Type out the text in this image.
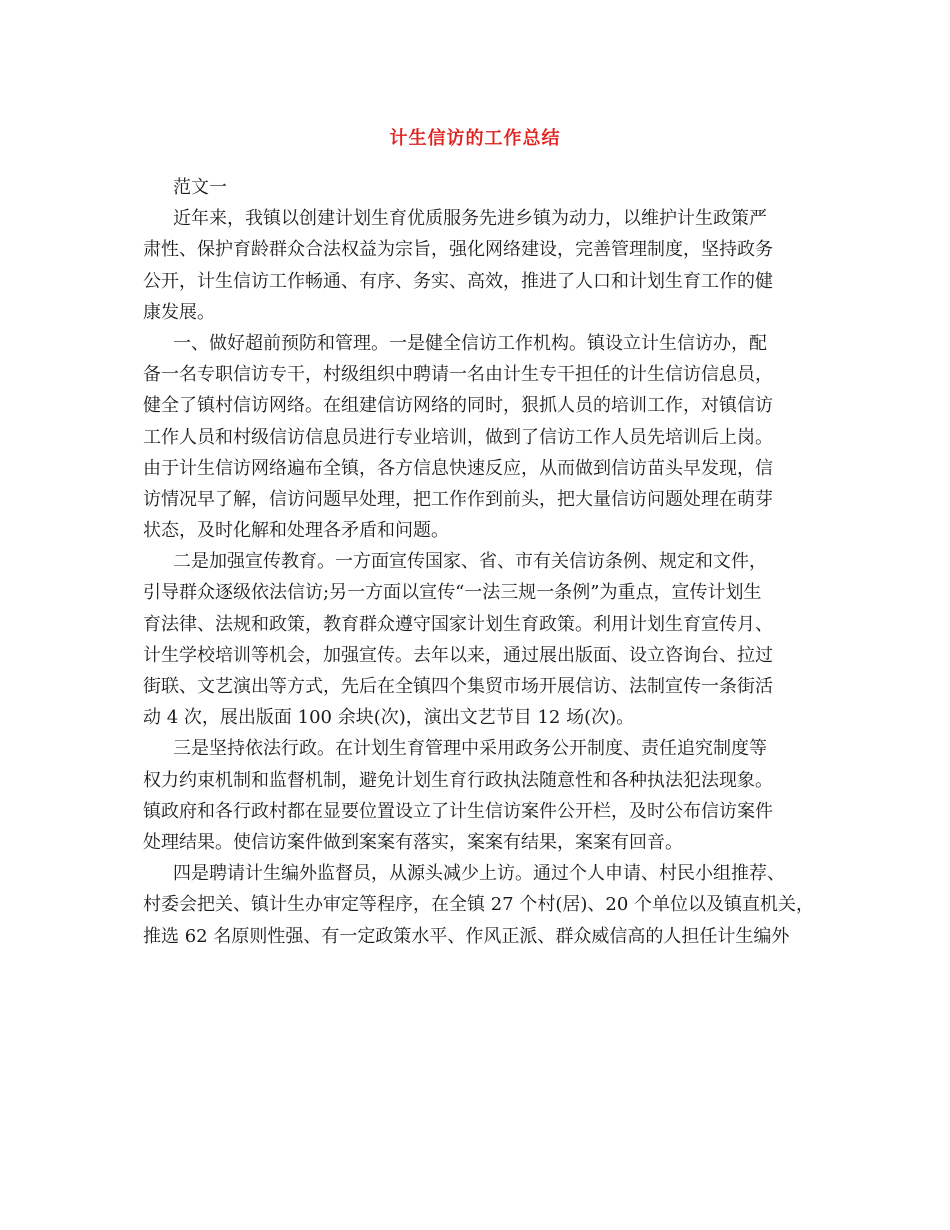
计生信访的工作总结
范文一
近年来，我镇以创建计划生育优质服务先进乡镇为动力，以维护计生政策严
肃性、保护育龄群众合法权益为宗旨，强化网络建设，完善管理制度，坚持政务
公开，计生信访工作畅通、有序、务实、高效，推进了人口和计划生育工作的健
康发展。
一、做好超前预防和管理。一是健全信访工作机构。镇设立计生信访办，配
备一名专职信访专干，村级组织中聘请一名由计生专干担任的计生信访信息员，
健全了镇村信访网络。在组建信访网络的同时，狠抓人员的培训工作，对镇信访
工作人员和村级信访信息员进行专业培训，做到了信访工作人员先培训后上岗。
由于计生信访网络遍布全镇，各方信息快速反应，从而做到信访苗头早发现，信
访情况早了解，信访问题早处理，把工作作到前头，把大量信访问题处理在萌芽
状态，及时化解和处理各矛盾和问题。
二是加强宣传教育。一方面宣传国家、省、市有关信访条例、规定和文件，
引导群众逐级依法信访;另一方面以宣传“一法三规一条例”为重点，宣传计划生
育法律、法规和政策，教育群众遵守国家计划生育政策。利用计划生育宣传月、
计生学校培训等机会，加强宣传。去年以来，通过展出版面、设立咨询台、拉过
街联、文艺演出等方式，先后在全镇四个集贸市场开展信访、法制宣传一条街活
动 4 次，展出版面 100 余块(次)，演出文艺节目 12 场(次)。
三是坚持依法行政。在计划生育管理中采用政务公开制度、责任追究制度等
权力约束机制和监督机制，避免计划生育行政执法随意性和各种执法犯法现象。
镇政府和各行政村都在显要位置设立了计生信访案件公开栏，及时公布信访案件
处理结果。使信访案件做到案案有落实，案案有结果，案案有回音。
四是聘请计生编外监督员，从源头减少上访。通过个人申请、村民小组推荐、
村委会把关、镇计生办审定等程序，在全镇 27 个村(居)、20 个单位以及镇直机关，
推选 62 名原则性强、有一定政策水平、作风正派、群众威信高的人担任计生编外
